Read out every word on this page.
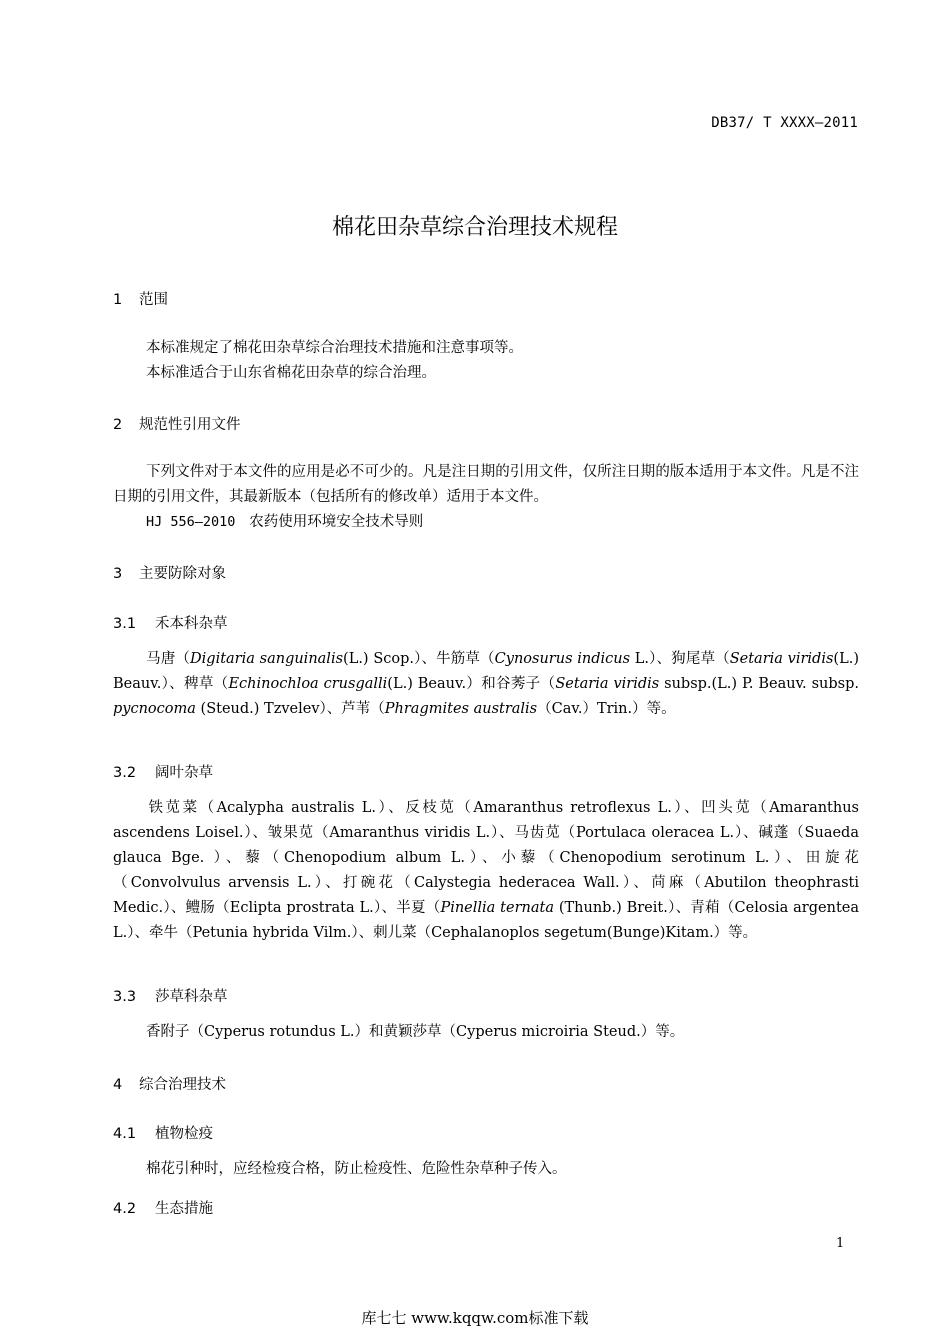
DB37/ T XXXX—2011
棉花田杂草综合治理技术规程
1 范围
本标准规定了棉花田杂草综合治理技术措施和注意事项等。
本标准适合于山东省棉花田杂草的综合治理。
2 规范性引用文件
下列文件对于本文件的应用是必不可少的。凡是注日期的引用文件，仅所注日期的版本适用于本文件。凡是不注日期的引用文件，其最新版本（包括所有的修改单）适用于本文件。
HJ 556—2010 农药使用环境安全技术导则
3 主要防除对象
3.1 禾本科杂草
马唐（Digitaria sanguinalis(L.) Scop.）、牛筋草（Cynosurus indicus L.）、狗尾草（Setaria viridis(L.) Beauv.）、稗草（Echinochloa crusgalli(L.) Beauv.）和谷莠子（Setaria viridis subsp.(L.) P. Beauv. subsp. pycnocoma (Steud.) Tzvelev）、芦苇（Phragmites australis（Cav.）Trin.）等。
3.2 阔叶杂草
铁苋菜（Acalypha australis L.）、反枝苋（Amaranthus retroflexus L.）、凹头苋（Amaranthus ascendens Loisel.）、皱果苋（Amaranthus viridis L.）、马齿苋（Portulaca oleracea L.）、碱蓬（Suaeda glauca Bge. ）、藜（Chenopodium album L.）、小藜（Chenopodium serotinum L.）、田旋花（Convolvulus arvensis L.）、打碗花（Calystegia hederacea Wall.）、苘麻（Abutilon theophrasti Medic.）、鳢肠（Eclipta prostrata L.）、半夏（Pinellia ternata (Thunb.) Breit.）、青葙（Celosia argentea L.）、牵牛（Petunia hybrida Vilm.）、刺儿菜（Cephalanoplos segetum(Bunge)Kitam.）等。
3.3 莎草科杂草
香附子（Cyperus rotundus L.）和黄颖莎草（Cyperus microiria Steud.）等。
4 综合治理技术
4.1 植物检疫
棉花引种时，应经检疫合格，防止检疫性、危险性杂草种子传入。
4.2 生态措施
1
库七七 www.kqqw.com标准下载
